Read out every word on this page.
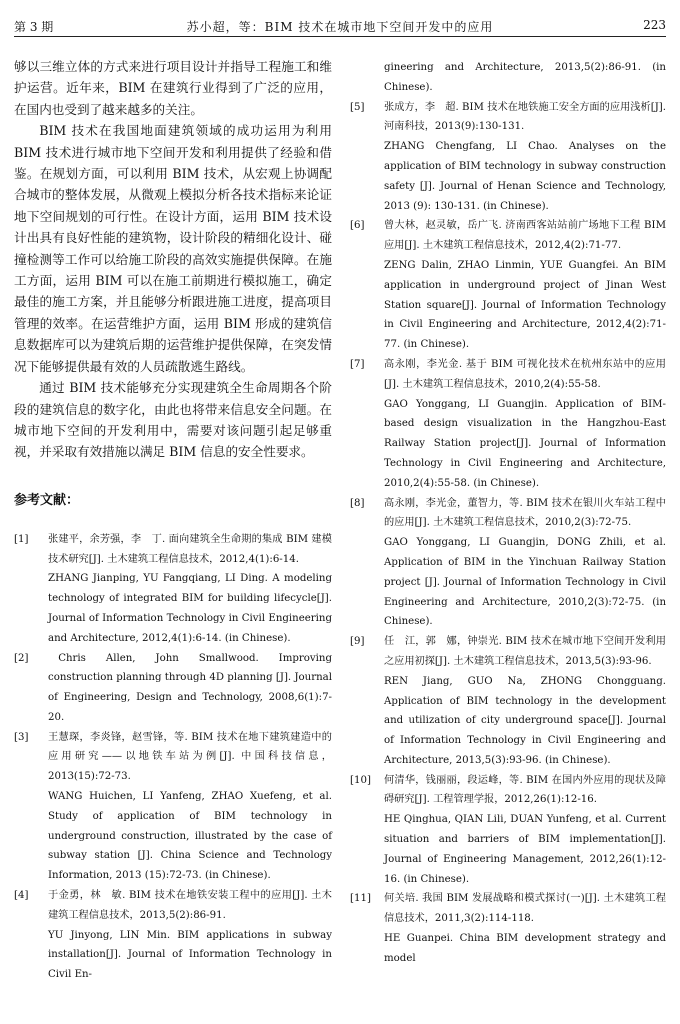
第 3 期	苏小超，等：BIM 技术在城市地下空间开发中的应用	223

够以三维立体的方式来进行项目设计并指导工程施工和维护运营。近年来，BIM 在建筑行业得到了广泛的应用，在国内也受到了越来越多的关注。

BIM 技术在我国地面建筑领域的成功运用为利用 BIM 技术进行城市地下空间开发和利用提供了经验和借鉴。在规划方面，可以利用 BIM 技术，从宏观上协调配合城市的整体发展，从微观上模拟分析各技术指标来论证地下空间规划的可行性。在设计方面，运用 BIM 技术设计出具有良好性能的建筑物，设计阶段的精细化设计、碰撞检测等工作可以给施工阶段的高效实施提供保障。在施工方面，运用 BIM 可以在施工前期进行模拟施工，确定最佳的施工方案，并且能够分析跟进施工进度，提高项目管理的效率。在运营维护方面，运用 BIM 形成的建筑信息数据库可以为建筑后期的运营维护提供保障，在突发情况下能够提供最有效的人员疏散逃生路线。

通过 BIM 技术能够充分实现建筑全生命周期各个阶段的建筑信息的数字化，由此也将带来信息安全问题。在城市地下空间的开发利用中，需要对该问题引起足够重视，并采取有效措施以满足 BIM 信息的安全性要求。

参考文献：
[1] 张建平，余芳强，李　丁. 面向建筑全生命期的集成 BIM 建模技术研究[J]. 土木建筑工程信息技术，2012,4(1):6-14.

ZHANG Jianping, YU Fangqiang, LI Ding. A modeling technology of integrated BIM for building lifecycle[J]. Journal of Information Technology in Civil Engineering and Architecture, 2012,4(1):6-14. (in Chinese).

[2]	Chris Allen, John Smallwood. Improving construction planning through 4D planning [J]. Journal of Engineering, Design and Technology, 2008,6(1):7-20.

[3] 王慧琛，李炎锋，赵雪锋，等. BIM 技术在地下建筑建造中的应用研究——以地铁车站为例[J]. 中国科技信息，2013(15):72-73.

WANG Huichen, LI Yanfeng, ZHAO Xuefeng, et al. Study of application of BIM technology in underground construction, illustrated by the case of subway station [J]. China Science and Technology Information, 2013 (15):72-73. (in Chinese).

[4] 于金勇，林　敏. BIM 技术在地铁安装工程中的应用[J]. 土木建筑工程信息技术，2013,5(2):86-91.

YU Jinyong, LIN Min. BIM applications in subway installation[J]. Journal of Information Technology in Civil En-

gineering and Architecture, 2013,5(2):86-91. (in Chinese).

[5] 张成方，李　超. BIM 技术在地铁施工安全方面的应用浅析[J]. 河南科技，2013(9):130-131.

ZHANG Chengfang, LI Chao. Analyses on the application of BIM technology in subway construction safety [J]. Journal of Henan Science and Technology, 2013 (9): 130-131. (in Chinese).

[6] 曾大林，赵灵敏，岳广飞. 济南西客站站前广场地下工程 BIM 应用[J]. 土木建筑工程信息技术，2012,4(2):71-77.

ZENG Dalin, ZHAO Linmin, YUE Guangfei. An BIM application in underground project of Jinan West Station square[J]. Journal of Information Technology in Civil Engineering and Architecture, 2012,4(2):71-77. (in Chinese).

[7] 高永刚，李光金. 基于 BIM 可视化技术在杭州东站中的应用[J]. 土木建筑工程信息技术，2010,2(4):55-58.

GAO Yonggang, LI Guangjin. Application of BIM-based design visualization in the Hangzhou-East Railway Station project[J]. Journal of Information Technology in Civil Engineering and Architecture, 2010,2(4):55-58. (in Chinese).

[8] 高永刚，李光金，董智力，等. BIM 技术在银川火车站工程中的应用[J]. 土木建筑工程信息技术，2010,2(3):72-75.

GAO Yonggang, LI Guangjin, DONG Zhili, et al. Application of BIM in the Yinchuan Railway Station project [J]. Journal of Information Technology in Civil Engineering and Architecture, 2010,2(3):72-75. (in Chinese).

[9] 任　江，郭　娜，钟崇光. BIM 技术在城市地下空间开发利用之应用初探[J]. 土木建筑工程信息技术，2013,5(3):93-96.

REN Jiang, GUO Na, ZHONG Chongguang. Application of BIM technology in the development and utilization of city underground space[J]. Journal of Information Technology in Civil Engineering and Architecture, 2013,5(3):93-96. (in Chinese).

[10] 何清华，钱丽丽，段运峰，等. BIM 在国内外应用的现状及障碍研究[J]. 工程管理学报，2012,26(1):12-16.

HE Qinghua, QIAN Lili, DUAN Yunfeng, et al. Current situation and barriers of BIM implementation[J]. Journal of Engineering Management, 2012,26(1):12-16. (in Chinese).

[11] 何关培. 我国 BIM 发展战略和模式探讨(一)[J]. 土木建筑工程信息技术，2011,3(2):114-118.

HE Guanpei. China BIM development strategy and model
